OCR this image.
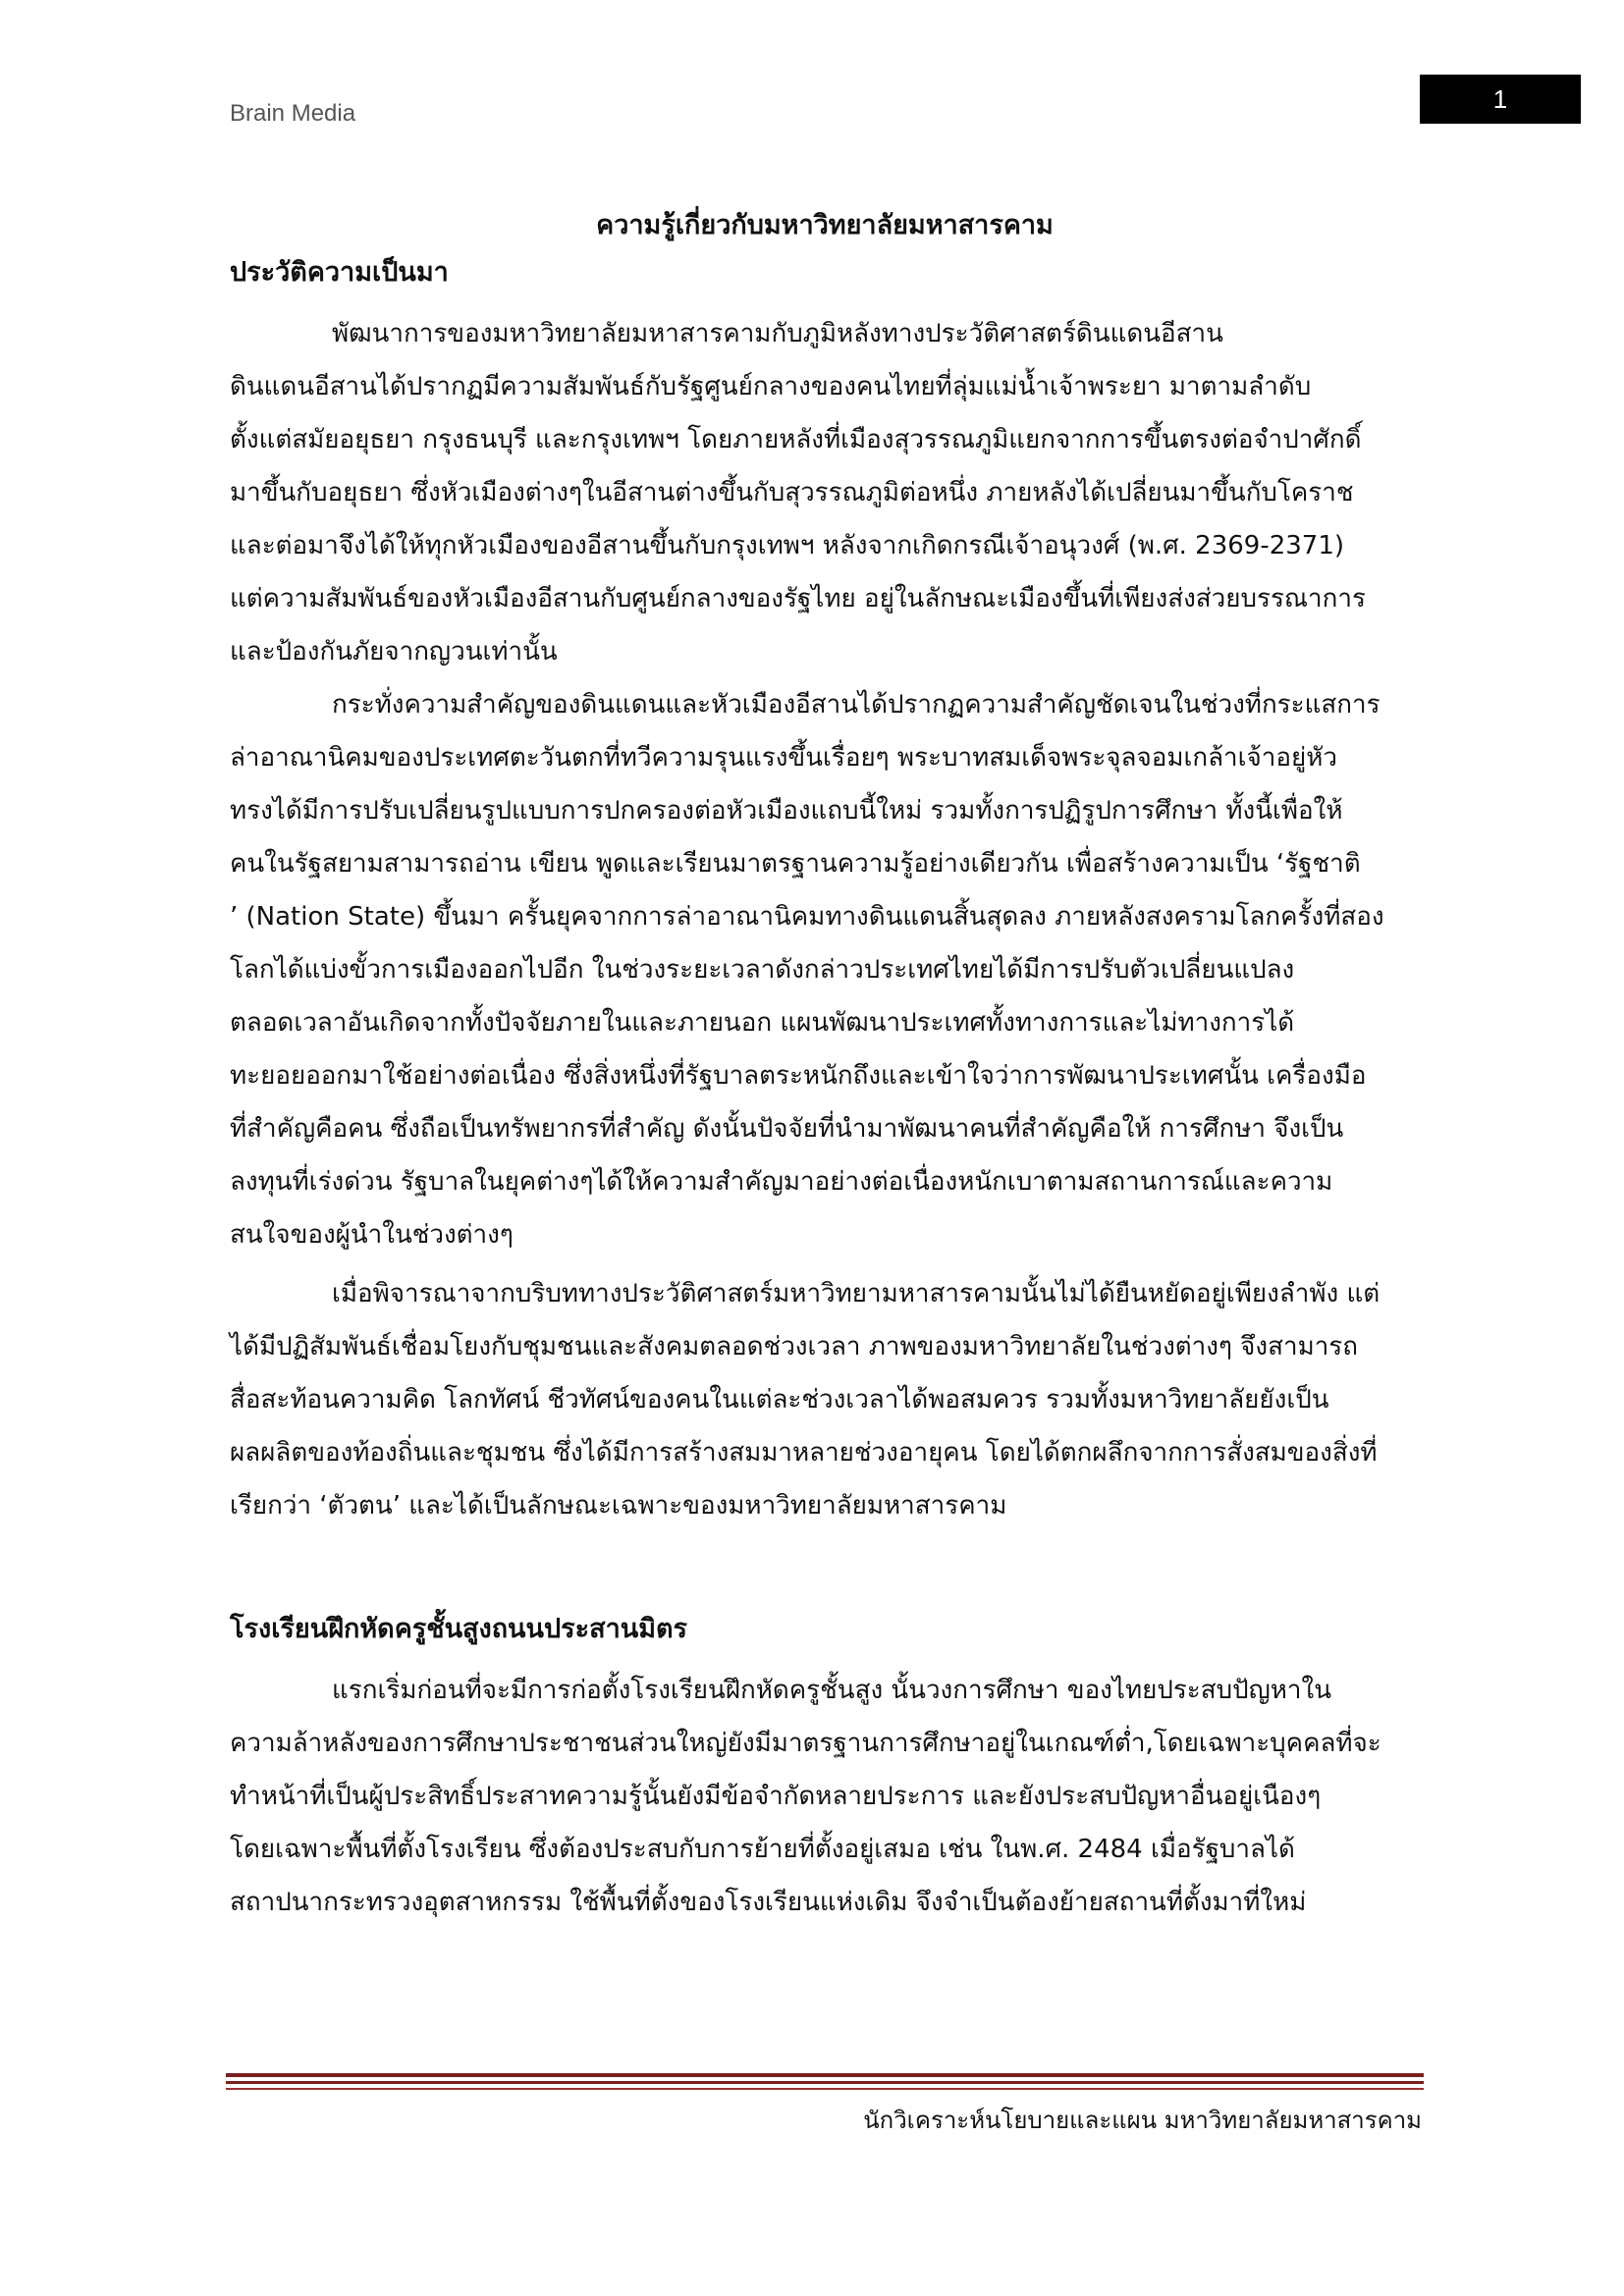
Brain Media	1
ความรู้เกี่ยวกับมหาวิทยาลัยมหาสารคาม
ประวัติความเป็นมา
พัฒนาการของมหาวิทยาลัยมหาสารคามกับภูมิหลังทางประวัติศาสตร์ดินแดนอีสาน
ดินแดนอีสานได้ปรากฏมีความสัมพันธ์กับรัฐศูนย์กลางของคนไทยที่ลุ่มแม่น้ำเจ้าพระยา มาตามลำดับ
ตั้งแต่สมัยอยุธยา กรุงธนบุรี และกรุงเทพฯ โดยภายหลังที่เมืองสุวรรณภูมิแยกจากการขึ้นตรงต่อจำปาศักดิ์
มาขึ้นกับอยุธยา ซึ่งหัวเมืองต่างๆในอีสานต่างขึ้นกับสุวรรณภูมิต่อหนึ่ง ภายหลังได้เปลี่ยนมาขึ้นกับโคราช
และต่อมาจึงได้ให้ทุกหัวเมืองของอีสานขึ้นกับกรุงเทพฯ หลังจากเกิดกรณีเจ้าอนุวงศ์ (พ.ศ. 2369-2371)
แต่ความสัมพันธ์ของหัวเมืองอีสานกับศูนย์กลางของรัฐไทย อยู่ในลักษณะเมืองขึ้นที่เพียงส่งส่วยบรรณาการ
และป้องกันภัยจากญวนเท่านั้น
กระทั่งความสำคัญของดินแดนและหัวเมืองอีสานได้ปรากฏความสำคัญชัดเจนในช่วงที่กระแสการ
ล่าอาณานิคมของประเทศตะวันตกที่ทวีความรุนแรงขึ้นเรื่อยๆ พระบาทสมเด็จพระจุลจอมเกล้าเจ้าอยู่หัว
ทรงได้มีการปรับเปลี่ยนรูปแบบการปกครองต่อหัวเมืองแถบนี้ใหม่ รวมทั้งการปฏิรูปการศึกษา ทั้งนี้เพื่อให้
คนในรัฐสยามสามารถอ่าน เขียน พูดและเรียนมาตรฐานความรู้อย่างเดียวกัน เพื่อสร้างความเป็น ‘รัฐชาติ
’ (Nation State) ขึ้นมา ครั้นยุคจากการล่าอาณานิคมทางดินแดนสิ้นสุดลง ภายหลังสงครามโลกครั้งที่สอง
โลกได้แบ่งขั้วการเมืองออกไปอีก ในช่วงระยะเวลาดังกล่าวประเทศไทยได้มีการปรับตัวเปลี่ยนแปลง
ตลอดเวลาอันเกิดจากทั้งปัจจัยภายในและภายนอก แผนพัฒนาประเทศทั้งทางการและไม่ทางการได้
ทะยอยออกมาใช้อย่างต่อเนื่อง ซึ่งสิ่งหนึ่งที่รัฐบาลตระหนักถึงและเข้าใจว่าการพัฒนาประเทศนั้น เครื่องมือ
ที่สำคัญคือคน ซึ่งถือเป็นทรัพยากรที่สำคัญ ดังนั้นปัจจัยที่นำมาพัฒนาคนที่สำคัญคือให้ การศึกษา จึงเป็น
ลงทุนที่เร่งด่วน รัฐบาลในยุคต่างๆได้ให้ความสำคัญมาอย่างต่อเนื่องหนักเบาตามสถานการณ์และความ
สนใจของผู้นำในช่วงต่างๆ
เมื่อพิจารณาจากบริบททางประวัติศาสตร์มหาวิทยามหาสารคามนั้นไม่ได้ยืนหยัดอยู่เพียงลำพัง แต่
ได้มีปฏิสัมพันธ์เชื่อมโยงกับชุมชนและสังคมตลอดช่วงเวลา ภาพของมหาวิทยาลัยในช่วงต่างๆ จึงสามารถ
สื่อสะท้อนความคิด โลกทัศน์ ชีวทัศน์ของคนในแต่ละช่วงเวลาได้พอสมควร รวมทั้งมหาวิทยาลัยยังเป็น
ผลผลิตของท้องถิ่นและชุมชน ซึ่งได้มีการสร้างสมมาหลายช่วงอายุคน โดยได้ตกผลึกจากการสั่งสมของสิ่งที่
เรียกว่า ‘ตัวตน’ และได้เป็นลักษณะเฉพาะของมหาวิทยาลัยมหาสารคาม
โรงเรียนฝึกหัดครูชั้นสูงถนนประสานมิตร
แรกเริ่มก่อนที่จะมีการก่อตั้งโรงเรียนฝึกหัดครูชั้นสูง นั้นวงการศึกษา ของไทยประสบปัญหาใน
ความล้าหลังของการศึกษาประชาชนส่วนใหญ่ยังมีมาตรฐานการศึกษาอยู่ในเกณฑ์ต่ำ,โดยเฉพาะบุคคลที่จะ
ทำหน้าที่เป็นผู้ประสิทธิ์ประสาทความรู้นั้นยังมีข้อจำกัดหลายประการ และยังประสบปัญหาอื่นอยู่เนืองๆ
โดยเฉพาะพื้นที่ตั้งโรงเรียน ซึ่งต้องประสบกับการย้ายที่ตั้งอยู่เสมอ เช่น ในพ.ศ. 2484 เมื่อรัฐบาลได้
สถาปนากระทรวงอุตสาหกรรม ใช้พื้นที่ตั้งของโรงเรียนแห่งเดิม จึงจำเป็นต้องย้ายสถานที่ตั้งมาที่ใหม่
นักวิเคราะห์นโยบายและแผน มหาวิทยาลัยมหาสารคาม
